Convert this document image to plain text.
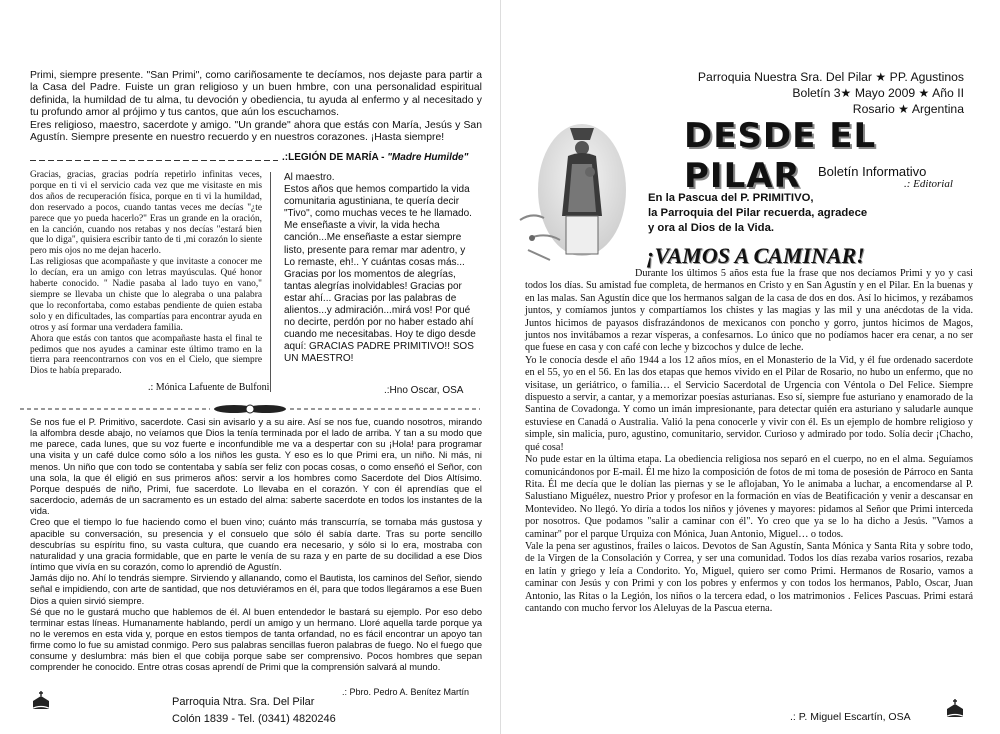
Primi, siempre presente. "San Primi", como cariñosamente te decíamos, nos dejaste para partir a la Casa del Padre. Fuiste un gran religioso y un buen hmbre, con una personalidad espiritual definida, la humildad de tu alma, tu devoción y obediencia, tu ayuda al enfermo y al necesitado y tu profundo amor al prójimo y tus cantos, que aún los escuchamos.

Eres religioso, maestro, sacerdote y amigo. "Un grande" ahora que estás con María, Jesús y San Agustín. Siempre presente en nuestro recuerdo y en nuestros corazones. ¡Hasta siempre!

.:LEGIÓN DE MARÍA - "Madre Humilde"

Gracias, gracias, gracias podría repetirlo infinitas veces, porque en ti vi el servicio cada vez que me visitaste en mis dos años de recuperación física, porque en ti vi la humildad, don reservado a pocos, cuando tantas veces me decías "¿te parece que yo pueda hacerlo?" Eras un grande en la oración, en la canción, cuando nos retabas y nos decías "estará bien que lo diga", quisiera escribir tanto de ti ,mi corazón lo siente pero mis ojos no me dejan hacerlo.

Las religiosas que acompañaste y que invitaste a conocer me lo decían, era un amigo con letras mayúsculas. Qué honor haberte conocido. " Nadie pasaba al lado tuyo en vano," siempre se llevaba un chiste que lo alegraba o una palabra que lo reconfortaba, como estabas pendiente de quien estaba solo y en dificultades, las compartías para encontrar ayuda en otros y así formar una verdadera familia.

Ahora que estás con tantos que acompañaste hasta el final te pedimos que nos ayudes a caminar este último tramo en la tierra para reencontrarnos con vos en el Cielo, que siempre Dios te había preparado.

Al maestro.

Estos años que hemos compartido la vida comunitaria agustiniana, te quería decir "Tivo", como muchas veces te he llamado. Me enseñaste a vivir, la vida hecha canción...Me enseñaste a estar siempre listo, presente para remar mar adentro, y

Lo remaste, eh!.. Y cuántas cosas más... Gracias por los momentos de alegrías, tantas alegrías inolvidables! Gracias por estar ahí... Gracias por las palabras de alientos...y admiración...mirá vos! Por qué no decirte, perdón por no haber estado ahí cuando me necesitabas. Hoy te digo desde aquí: GRACIAS PADRE PRIMITIVO!! SOS UN MAESTRO!

.: Mónica Lafuente de Bulfoni	.:Hno Oscar, OSA

Se nos fue el P. Primitivo, sacerdote. Casi sin avisarlo y a su aire. Así se nos fue, cuando nosotros, mirando la alfombra desde abajo, no veíamos que Dios la tenía terminada por el lado de arriba. Y tan a su modo que me parece, cada lunes, que su voz fuerte e inconfundible me va a despertar con su ¡Hola! para programar una visita y un café dulce como sólo a los niños les gusta. Y eso es lo que Primi era, un niño. Ni más, ni menos. Un niño que con todo se contentaba y sabía ser feliz con pocas cosas, o como enseñó el Señor, con una sola, la que él eligió en sus primeros años: servir a los hombres como Sacerdote del Dios Altísimo. Porque después de niño, Primi, fue sacerdote. Lo llevaba en el corazón. Y con él aprendías que el sacerdocio, además de un sacramento es un estado del alma: saberte sacerdote en todos los instantes de la vida.

Creo que el tiempo lo fue haciendo como el buen vino; cuánto más transcurría, se tornaba más gustosa y apacible su conversación, su presencia y el consuelo que sólo él sabía darte. Tras su porte sencillo descubrías su espíritu fino, su vasta cultura, que cuando era necesario, y sólo si lo era, mostraba con naturalidad y una gracia formidable, que en parte le venía de su raza y en parte de su docilidad a ese Dios íntimo que vivía en su corazón, como lo aprendió de Agustín.

Jamás dijo no. Ahí lo tendrás siempre. Sirviendo y allanando, como el Bautista, los caminos del Señor, siendo señal e impidiendo, con arte de santidad, que nos detuviéramos en él, para que todos llegáramos a ese Buen Dios a quien sirvió siempre.

Sé que no le gustará mucho que hablemos de él. Al buen entendedor le bastará su ejemplo. Por eso debo terminar estas líneas. Humanamente hablando, perdí un amigo y un hermano. Lloré aquella tarde porque ya no le veremos en esta vida y, porque en estos tiempos de tanta orfandad, no es fácil encontrar un apoyo tan firme como lo fue su amistad conmigo. Pero sus palabras sencillas fueron palabras de fuego. No el fuego que consume y deslumbra: más bien el que cobija porque sabe ser comprensivo. Pocos hombres que sepan comprender he conocido. Entre otras cosas aprendí de Primi que la comprensión salvará al mundo.

.: Pbro. Pedro A. Benítez Martín
Parroquia Ntra. Sra. Del Pilar
Colón 1839 - Tel. (0341) 4820246
Parroquia Nuestra Sra. Del Pilar ★ PP. Agustinos
Boletín 3★ Mayo 2009 ★ Año II
Rosario ★ Argentina
DESDE EL PILAR	Boletín Informativo
.: Editorial

En la Pascua del P. PRIMITIVO,

la Parroquia del Pilar recuerda, agradece

y ora al Dios de la Vida.

¡VAMOS A CAMINAR!

Durante los últimos 5 años esta fue la frase que nos decíamos Primi y yo y casi todos los días. Su amistad fue completa, de hermanos en Cristo y en San Agustín y en el Pilar. En la buenas y en las malas. San Agustín dice que los hermanos salgan de la casa de dos en dos. Así lo hicimos, y rezábamos juntos, y comíamos juntos y compartíamos los chistes y las magias y las mil y una anécdotas de la vida. Juntos hicimos de payasos disfrazándonos de mexicanos con poncho y gorro, juntos hicimos de Magos, juntos nos invitábamos a rezar vísperas, a confesarnos. Lo único que no podíamos hacer era cenar, a no ser que fuese en casa y con café con leche y bizcochos y dulce de leche.

Yo le conocía desde el año 1944 a los 12 años míos, en el Monasterio de la Vid, y él fue ordenado sacerdote en el 55, yo en el 56. En las dos etapas que hemos vivido en el Pilar de Rosario, no hubo un enfermo, que no visitase, un geriátrico, o familia… el Servicio Sacerdotal de Urgencia con Véntola o Del Felice. Siempre dispuesto a servir, a cantar, y a memorizar poesías asturianas. Eso sí, siempre fue asturiano y enamorado de la Santina de Covadonga. Y como un imán impresionante, para detectar quién era asturiano y saludarle aunque estuviese en Canadá o Australia. Valió la pena conocerle y vivir con él. Es un ejemplo de hombre religioso y simple, sin malicia, puro, agustino, comunitario, servidor. Curioso y admirado por todo. Solía decir ¡Chacho, qué cosa!

No pude estar en la última etapa. La obediencia religiosa nos separó en el cuerpo, no en el alma. Seguíamos comunicándonos por E-mail. Él me hizo la composición de fotos de mi toma de posesión de Párroco en Santa Rita. Él me decía que le dolían las piernas y se le aflojaban, Yo le animaba a luchar, a encomendarse al P. Salustiano Miguélez, nuestro Prior y profesor en la formación en vías de Beatificación y venir a descansar en Montevideo. No llegó. Yo diría a todos los niños y jóvenes y mayores: pidamos al Señor que Primi interceda por nosotros. Que podamos "salir a caminar con él". Yo creo que ya se lo ha dicho a Jesús. "Vamos a caminar" por el parque Urquiza con Mónica, Juan Antonio, Miguel… o todos.

Vale la pena ser agustinos, frailes o laicos. Devotos de San Agustín, Santa Mónica y Santa Rita y sobre todo, de la Virgen de la Consolación y Correa, y ser una comunidad. Todos los días rezaba varios rosarios, rezaba en latín y griego y leía a Condorito. Yo, Miguel, quiero ser como Primi. Hermanos de Rosario, vamos a caminar con Jesús y con Primi y con los pobres y enfermos y con todos los hermanos, Pablo, Oscar, Juan Antonio, las Ritas o la Legión, los niños o la tercera edad, o los matrimonios . Felices Pascuas. Primi estará cantando con mucho fervor los Aleluyas de la Pascua eterna.

.: P. Miguel Escartín, OSA
